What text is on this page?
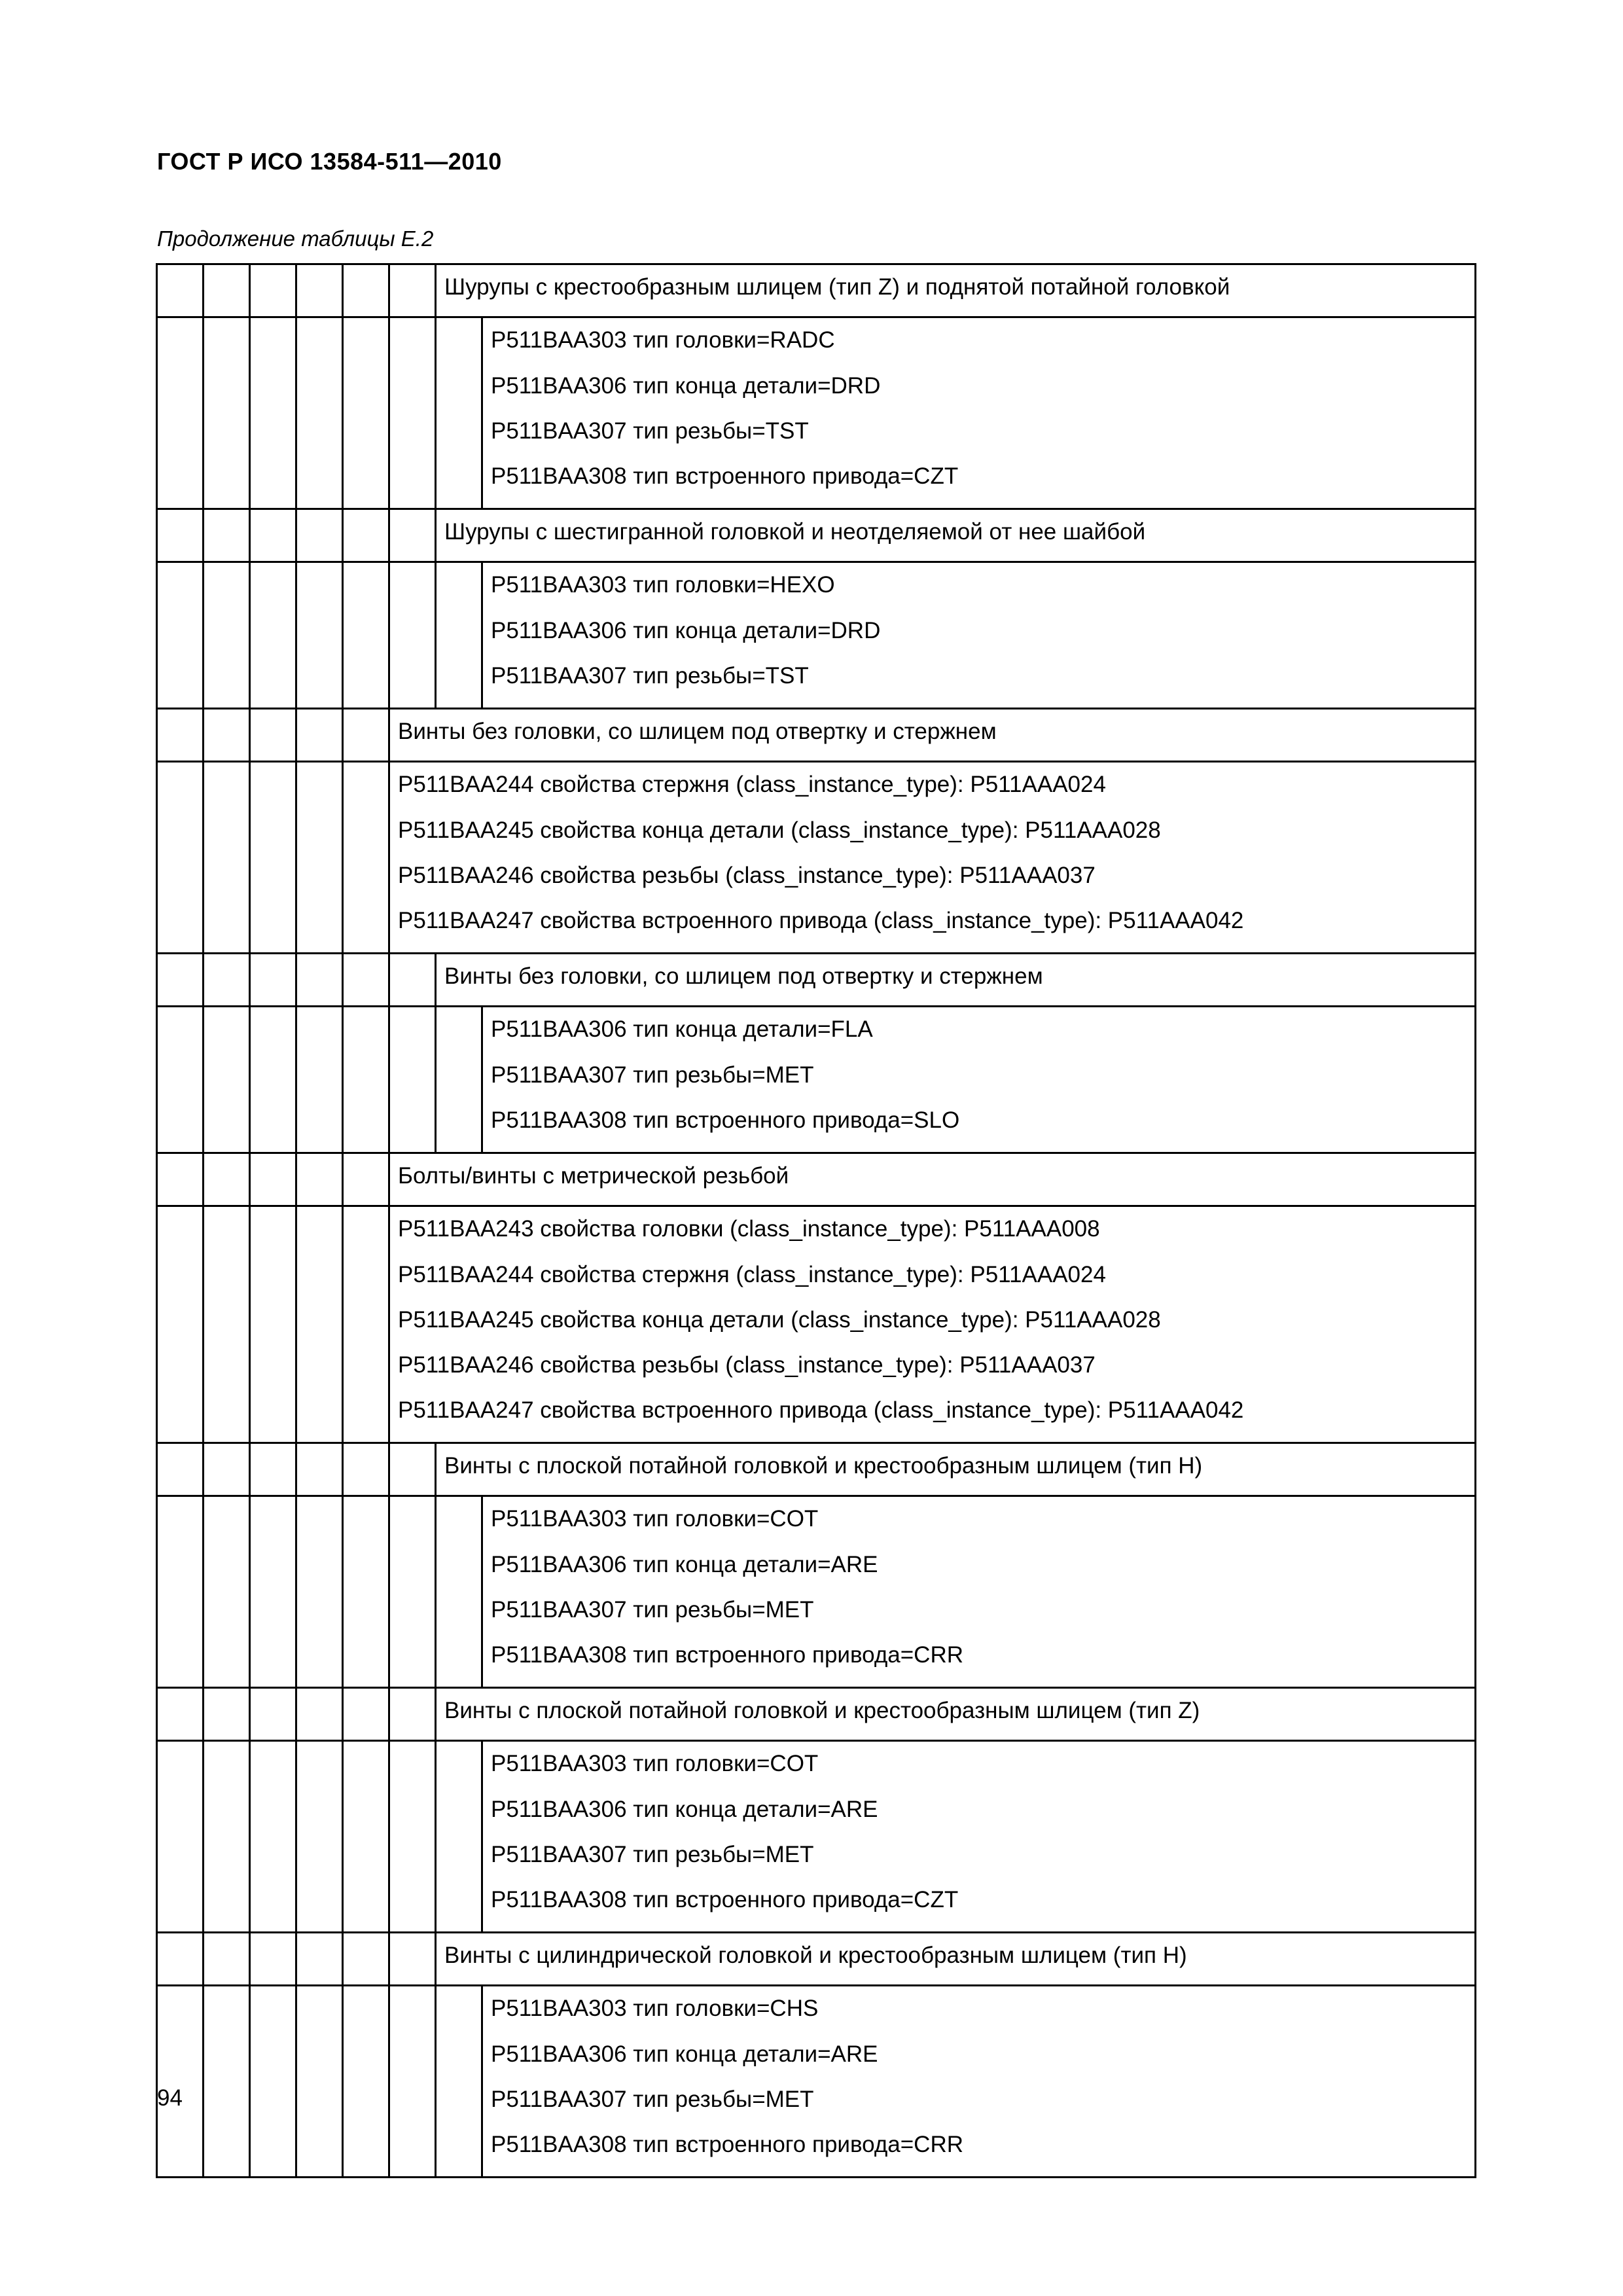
ГОСТ Р ИСО 13584-511—2010
Продолжение таблицы Е.2
						Шурупы с крестообразным шлицем (тип Z) и поднятой потайной головкой	

							P511BAA303 тип головки=RADC
P511BAA306 тип конца детали=DRD
P511BAA307 тип резьбы=TST
P511BAA308 тип встроенного привода=CZT

						Шурупы с шестигранной головкой и неотделяемой от нее шайбой	

							P511BAA303 тип головки=HEXO
P511BAA306 тип конца детали=DRD
P511BAA307 тип резьбы=TST

					Винты без головки, со шлицем под отвертку и стержнем		

					P511BAA244 свойства стержня (class_instance_type): P511AAA024
P511BAA245 свойства конца детали (class_instance_type): P511AAA028
P511BAA246 свойства резьбы (class_instance_type): P511AAA037
P511BAA247 свойства встроенного привода (class_instance_type): P511AAA042		

						Винты без головки, со шлицем под отвертку и стержнем	

							P511BAA306 тип конца детали=FLA
P511BAA307 тип резьбы=MET
P511BAA308 тип встроенного привода=SLO

					Болты/винты с метрической резьбой		

					P511BAA243 свойства головки (class_instance_type): P511AAA008
P511BAA244 свойства стержня (class_instance_type): P511AAA024
P511BAA245 свойства конца детали (class_instance_type): P511AAA028
P511BAA246 свойства резьбы (class_instance_type): P511AAA037
P511BAA247 свойства встроенного привода (class_instance_type): P511AAA042		

						Винты с плоской потайной головкой и крестообразным шлицем (тип H)	

							P511BAA303 тип головки=COT
P511BAA306 тип конца детали=ARE
P511BAA307 тип резьбы=MET
P511BAA308 тип встроенного привода=CRR

						Винты с плоской потайной головкой и крестообразным шлицем (тип Z)	

							P511BAA303 тип головки=COT
P511BAA306 тип конца детали=ARE
P511BAA307 тип резьбы=MET
P511BAA308 тип встроенного привода=CZT

						Винты с цилиндрической головкой и крестообразным шлицем (тип H)	

							P511BAA303 тип головки=CHS
P511BAA306 тип конца детали=ARE
P511BAA307 тип резьбы=MET
P511BAA308 тип встроенного привода=CRR
94
